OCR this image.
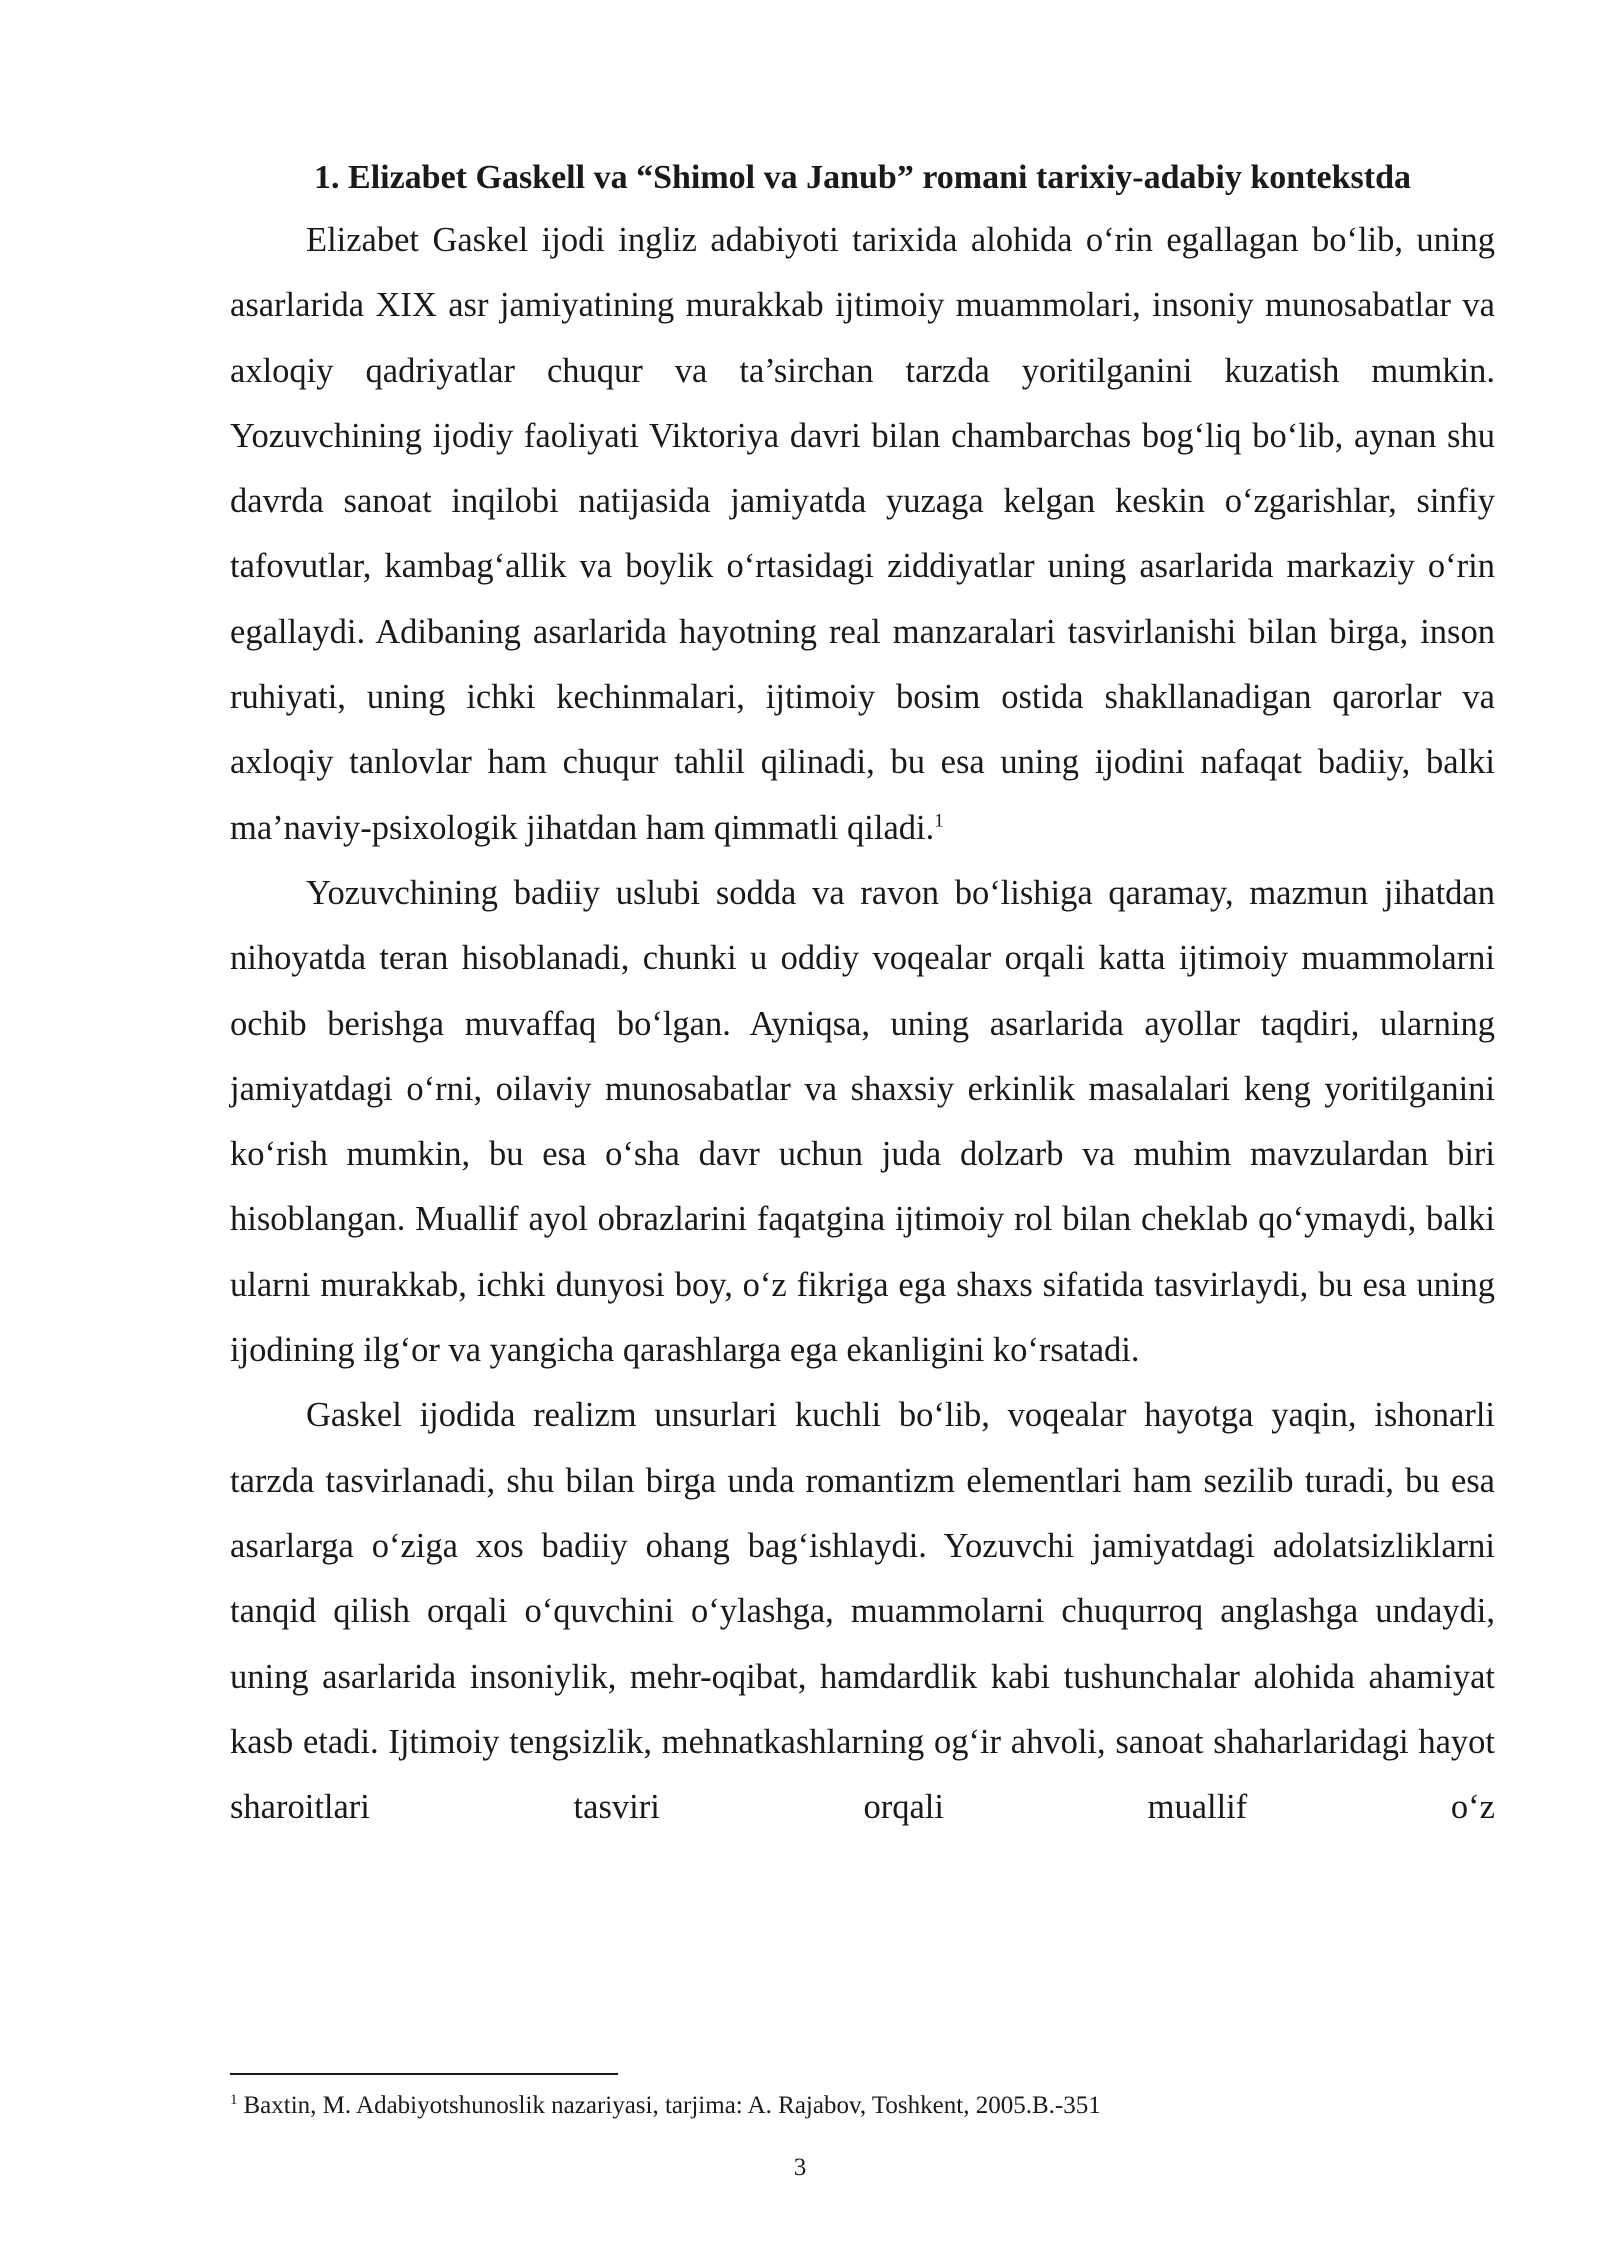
1. Elizabet Gaskell va “Shimol va Janub” romani tarixiy-adabiy kontekstda

Elizabet Gaskel ijodi ingliz adabiyoti tarixida alohida o‘rin egallagan bo‘lib, uning asarlarida XIX asr jamiyatining murakkab ijtimoiy muammolari, insoniy munosabatlar va axloqiy qadriyatlar chuqur va ta’sirchan tarzda yoritilganini kuzatish mumkin. Yozuvchining ijodiy faoliyati Viktoriya davri bilan chambarchas bog‘liq bo‘lib, aynan shu davrda sanoat inqilobi natijasida jamiyatda yuzaga kelgan keskin o‘zgarishlar, sinfiy tafovutlar, kambag‘allik va boylik o‘rtasidagi ziddiyatlar uning asarlarida markaziy o‘rin egallaydi. Adibaning asarlarida hayotning real manzaralari tasvirlanishi bilan birga, inson ruhiyati, uning ichki kechinmalari, ijtimoiy bosim ostida shakllanadigan qarorlar va axloqiy tanlovlar ham chuqur tahlil qilinadi, bu esa uning ijodini nafaqat badiiy, balki ma’naviy-psixologik jihatdan ham qimmatli qiladi.$^1$

Yozuvchining badiiy uslubi sodda va ravon bo‘lishiga qaramay, mazmun jihatdan nihoyatda teran hisoblanadi, chunki u oddiy voqealar orqali katta ijtimoiy muammolarni ochib berishga muvaffaq bo‘lgan. Ayniqsa, uning asarlarida ayollar taqdiri, ularning jamiyatdagi o‘rni, oilaviy munosabatlar va shaxsiy erkinlik masalalari keng yoritilganini ko‘rish mumkin, bu esa o‘sha davr uchun juda dolzarb va muhim mavzulardan biri hisoblangan. Muallif ayol obrazlarini faqatgina ijtimoiy rol bilan cheklab qo‘ymaydi, balki ularni murakkab, ichki dunyosi boy, o‘z fikriga ega shaxs sifatida tasvirlaydi, bu esa uning ijodining ilg‘or va yangicha qarashlarga ega ekanligini ko‘rsatadi.

Gaskel ijodida realizm unsurlari kuchli bo‘lib, voqealar hayotga yaqin, ishonarli tarzda tasvirlanadi, shu bilan birga unda romantizm elementlari ham sezilib turadi, bu esa asarlarga o‘ziga xos badiiy ohang bag‘ishlaydi. Yozuvchi jamiyatdagi adolatsizliklarni tanqid qilish orqali o‘quvchini o‘ylashga, muammolarni chuqurroq anglashga undaydi, uning asarlarida insoniylik, mehr-oqibat, hamdardlik kabi tushunchalar alohida ahamiyat kasb etadi. Ijtimoiy tengsizlik, mehnatkashlarning og‘ir ahvoli, sanoat shaharlaridagi hayot sharoitlari tasviri orqali muallif o‘z

$^1$ Baxtin, M. Adabiyotshunoslik nazariyasi, tarjima: A. Rajabov, Toshkent, 2005.B.-351
3
